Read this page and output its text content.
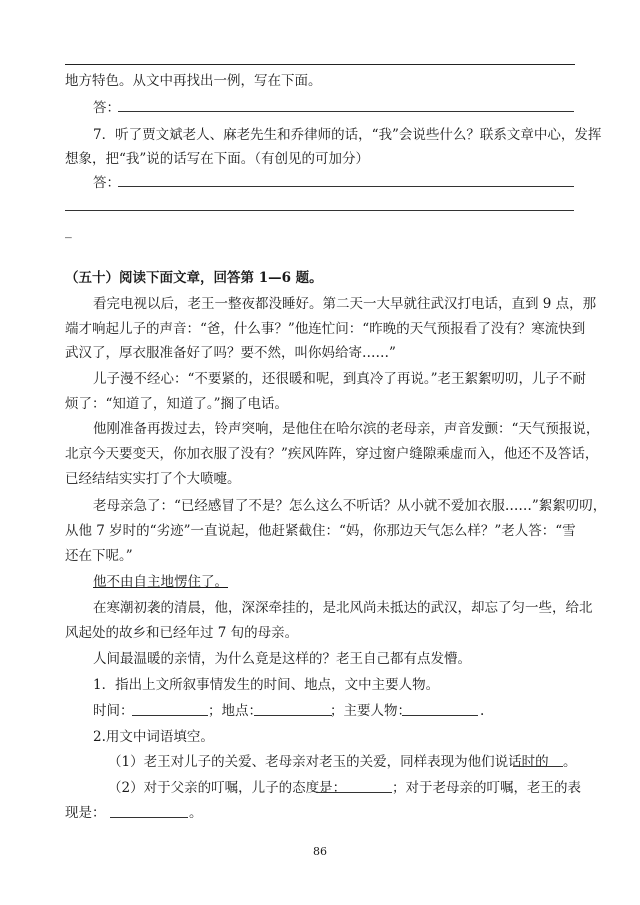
地方特色。从文中再找出一例，写在下面。
答：
7．听了贾文斌老人、麻老先生和乔律师的话，“我”会说些什么？联系文章中心，发挥
想象，把“我”说的话写在下面。（有创见的可加分）
答：
_
（五十）阅读下面文章，回答第 1—6 题。
看完电视以后，老王一整夜都没睡好。第二天一大早就往武汉打电话，直到 9 点，那
端才响起儿子的声音：“爸，什么事？”他连忙问：“昨晚的天气预报看了没有？寒流快到
武汉了，厚衣服准备好了吗？要不然，叫你妈给寄……”
儿子漫不经心：“不要紧的，还很暖和呢，到真冷了再说。”老王絮絮叨叨，儿子不耐
烦了：“知道了，知道了。”搁了电话。
他刚准备再拨过去，铃声突响，是他住在哈尔滨的老母亲，声音发颤：“天气预报说，
北京今天要变天，你加衣服了没有？”疾风阵阵，穿过窗户缝隙乘虚而入，他还不及答话，
已经结结实实打了个大喷嚏。
老母亲急了：“已经感冒了不是？怎么这么不听话？从小就不爱加衣服……”絮絮叨叨，
从他 7 岁时的“劣迹”一直说起，他赶紧截住：“妈，你那边天气怎么样？”老人答：“雪
还在下呢。”
他不由自主地愣住了。
在寒潮初袭的清晨，他，深深牵挂的，是北风尚未抵达的武汉，却忘了匀一些，给北
风起处的故乡和已经年过 7 旬的母亲。
人间最温暖的亲情，为什么竟是这样的？老王自己都有点发懵。
1．指出上文所叙事情发生的时间、地点，文中主要人物。
时间：	；地点：	；主要人物：	.
2.用文中词语填空。
（1）老王对儿子的关爱、老母亲对老玉的关爱，同样表现为他们说话时的 。
（2）对于父亲的叮嘱，儿子的态度是：	；对于老母亲的叮嘱，老王的表
现是：	。
86
